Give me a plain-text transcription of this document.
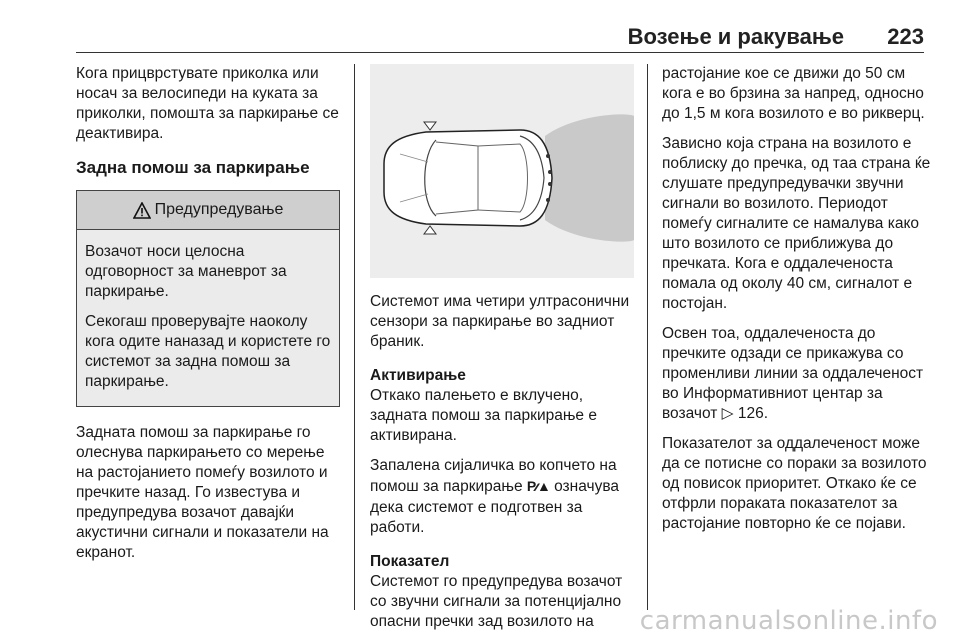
Возење и ракување 223

Кога прицврстувате приколка или носач за велосипеди на куката за приколки, помошта за паркирање се деактивира.

Задна помош за паркирање
Предупредување

Возачот носи целосна одговорност за маневрот за паркирање.

Секогаш проверувајте наоколу кога одите наназад и користете го системот за задна помош за паркирање.

Задната помош за паркирање го олеснува паркирањето со мерење на растојанието помеѓу возилото и пречките назад. Го известува и предупредува возачот давајќи акустични сигнали и показатели на екранот.

Системот има четири ултрасонични сензори за паркирање во задниот браник.

Активирање

Откако палењето е вклучено, задната помош за паркирање е активирана.

Запалена сијаличка во копчето на помош за паркирање P⁄⁄▲ означува дека системот е подготвен за работи.

Показател

Системот го предупредува возачот со звучни сигнали за потенцијално опасни пречки зад возилото на

растојание кое се движи до 50 см кога е во брзина за напред, односно до 1,5 м кога возилото е во рикверц.

Зависно која страна на возилото е поблиску до пречка, од таа страна ќе слушате предупредувачки звучни сигнали во возилото. Периодот помеѓу сигналите се намалува како што возилото се приближува до пречката. Кога е оддалеченоста помала од околу 40 см, сигналот е постојан.

Освен тоа, оддалеченоста до пречките одзади се прикажува со променливи линии за оддалеченост во Информативниот центар за возачот ▷ 126.

Показателот за оддалеченост може да се потисне со пораки за возилото од повисок приоритет. Откако ќе се отфрли пораката показателот за растојание повторно ќе се појави.

carmanualsonline.info
